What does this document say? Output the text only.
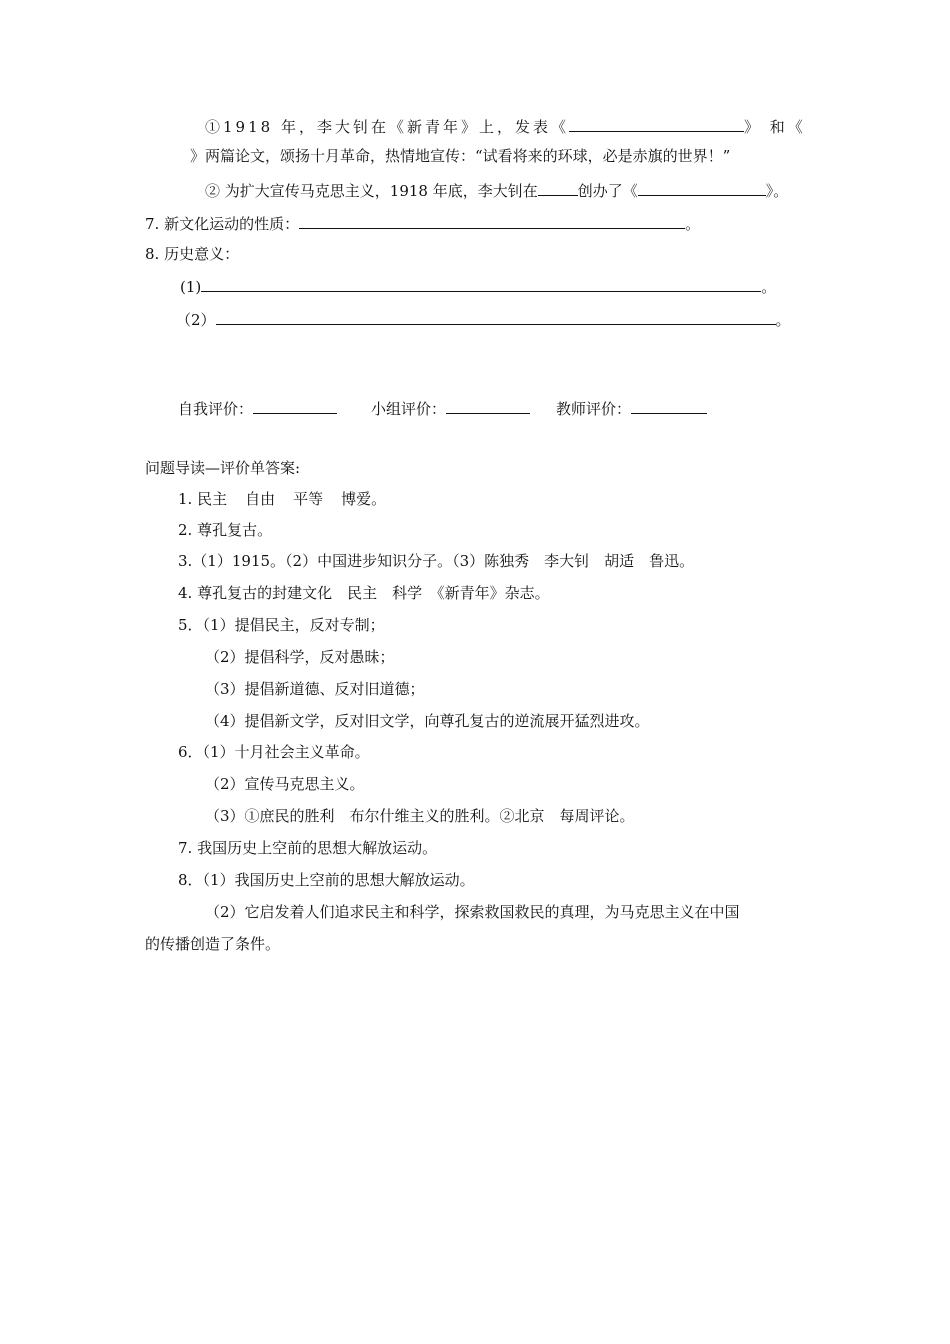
①1918 年，李大钊在《新青年》上，发表《	》 和《
》两篇论文，颂扬十月革命，热情地宣传：“试看将来的环球，必是赤旗的世界！”
② 为扩大宣传马克思主义，1918 年底，李大钊在	创办了《	》。
7. 新文化运动的性质：	。
8. 历史意义：
(1)	。
（2）	。
自我评价：	小组评价：	教师评价：
问题导读—评价单答案:
1. 民主 自由 平等 博爱。
2. 尊孔复古。
3.（1）1915。（2）中国进步知识分子。（3）陈独秀　李大钊　胡适　鲁迅。
4. 尊孔复古的封建文化　民主　科学　《新青年》杂志。
5．（1）提倡民主，反对专制；
（2）提倡科学，反对愚昧；
（3）提倡新道德、反对旧道德；
（4）提倡新文学，反对旧文学，向尊孔复古的逆流展开猛烈进攻。
6．（1）十月社会主义革命。
（2）宣传马克思主义。
（3）①庶民的胜利　布尔什维主义的胜利。②北京　每周评论。
7. 我国历史上空前的思想大解放运动。
8．（1）我国历史上空前的思想大解放运动。
（2）它启发着人们追求民主和科学，探索救国救民的真理，为马克思主义在中国
的传播创造了条件。
